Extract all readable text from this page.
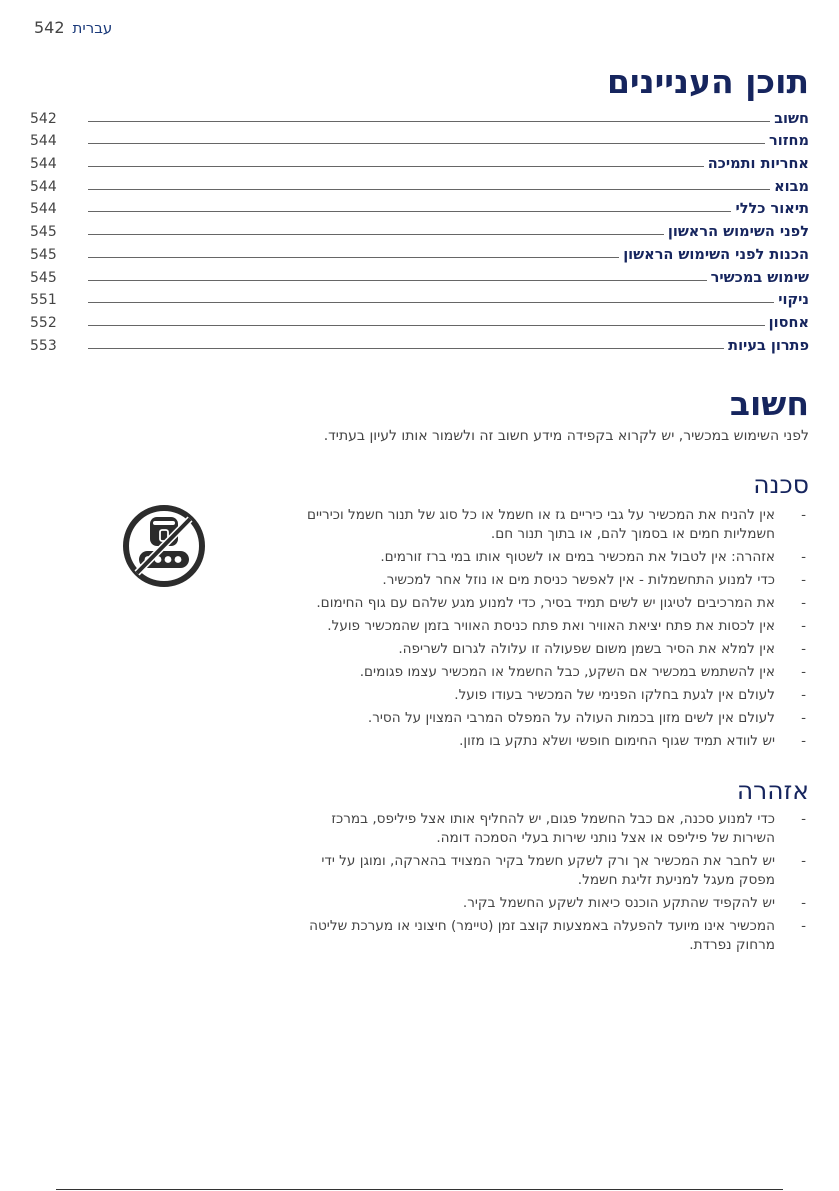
542 עברית
תוכן העניינים
חשוב
542
מחזור
544
אחריות ותמיכה
544
מבוא
544
תיאור כללי
544
לפני השימוש הראשון
545
הכנות לפני השימוש הראשון
545
שימוש במכשיר
545
ניקוי
551
אחסון
552
פתרון בעיות
553
חשוב

לפני השימוש במכשיר, יש לקרוא בקפידה מידע חשוב זה ולשמור אותו לעיון בעתיד.

סכנה
- אין להניח את המכשיר על גבי כיריים גז או חשמל או כל סוג של תנור חשמל וכיריים חשמליות חמים או בסמוך להם, או בתוך תנור חם.
- אזהרה: אין לטבול את המכשיר במים או לשטוף אותו במי ברז זורמים.
- כדי למנוע התחשמלות - אין לאפשר כניסת מים או נוזל אחר למכשיר.
- את המרכיבים לטיגון יש לשים תמיד בסיר, כדי למנוע מגע שלהם עם גוף החימום.
- אין לכסות את פתח יציאת האוויר ואת פתח כניסת האוויר בזמן שהמכשיר פועל.
- אין למלא את הסיר בשמן משום שפעולה זו עלולה לגרום לשריפה.
- אין להשתמש במכשיר אם השקע, כבל החשמל או המכשיר עצמו פגומים.
- לעולם אין לגעת בחלקו הפנימי של המכשיר בעודו פועל.
- לעולם אין לשים מזון בכמות העולה על המפלס המרבי המצוין על הסיר.
- יש לוודא תמיד שגוף החימום חופשי ושלא נתקע בו מזון.
אזהרה
- כדי למנוע סכנה, אם כבל החשמל פגום, יש להחליף אותו אצל פיליפס, במרכז השירות של פיליפס או אצל נותני שירות בעלי הסמכה דומה.
- יש לחבר את המכשיר אך ורק לשקע חשמל בקיר המצויד בהארקה, ומוגן על ידי מפסק מעגל למניעת זליגת חשמל.
- יש להקפיד שהתקע הוכנס כיאות לשקע החשמל בקיר.
- המכשיר אינו מיועד להפעלה באמצעות קוצב זמן (טיימר) חיצוני או מערכת שליטה מרחוק נפרדת.
